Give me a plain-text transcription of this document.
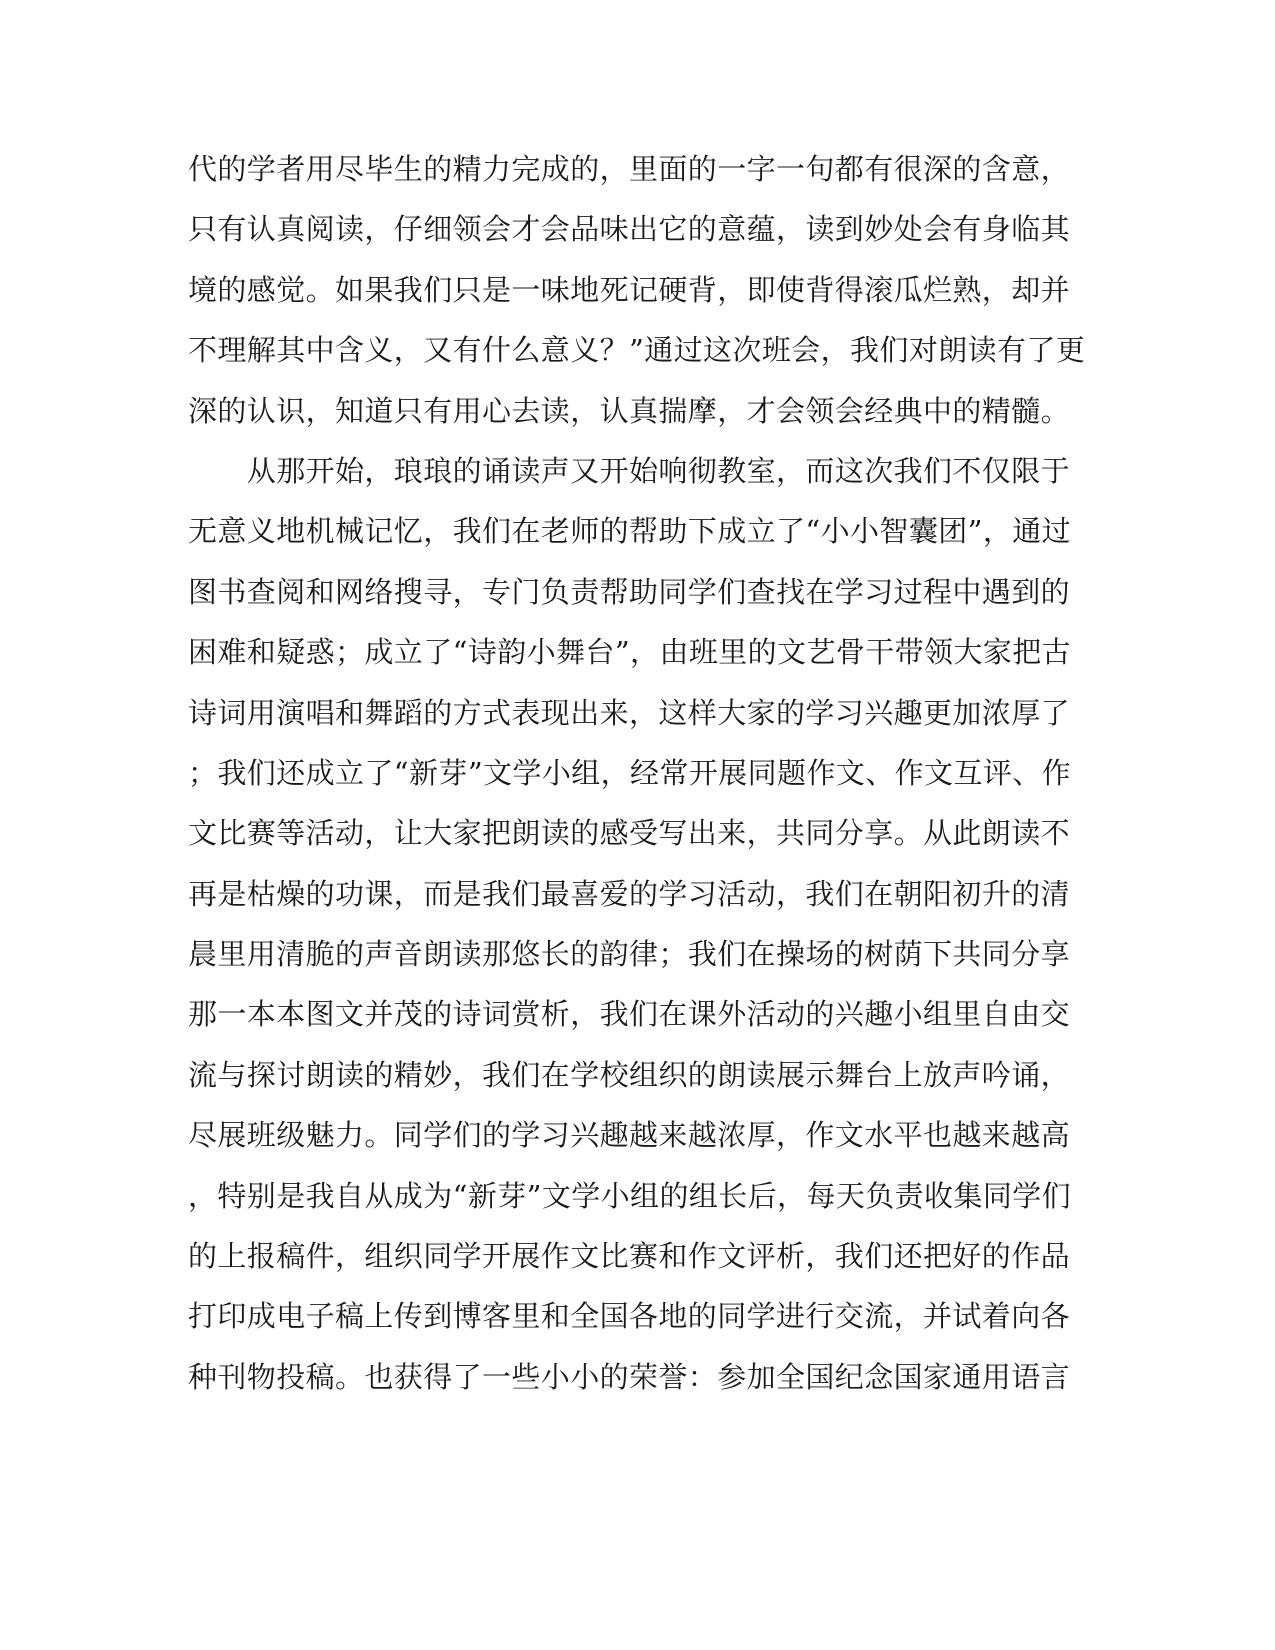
代的学者用尽毕生的精力完成的，里面的一字一句都有很深的含意，
只有认真阅读，仔细领会才会品味出它的意蕴，读到妙处会有身临其
境的感觉。如果我们只是一味地死记硬背，即使背得滚瓜烂熟，却并
不理解其中含义，又有什么意义？”通过这次班会，我们对朗读有了更
深的认识，知道只有用心去读，认真揣摩，才会领会经典中的精髓。
　　从那开始，琅琅的诵读声又开始响彻教室，而这次我们不仅限于
无意义地机械记忆，我们在老师的帮助下成立了“小小智囊团”，通过
图书查阅和网络搜寻，专门负责帮助同学们查找在学习过程中遇到的
困难和疑惑；成立了“诗韵小舞台”，由班里的文艺骨干带领大家把古
诗词用演唱和舞蹈的方式表现出来，这样大家的学习兴趣更加浓厚了
；我们还成立了“新芽”文学小组，经常开展同题作文、作文互评、作
文比赛等活动，让大家把朗读的感受写出来，共同分享。从此朗读不
再是枯燥的功课，而是我们最喜爱的学习活动，我们在朝阳初升的清
晨里用清脆的声音朗读那悠长的韵律；我们在操场的树荫下共同分享
那一本本图文并茂的诗词赏析，我们在课外活动的兴趣小组里自由交
流与探讨朗读的精妙，我们在学校组织的朗读展示舞台上放声吟诵，
尽展班级魅力。同学们的学习兴趣越来越浓厚，作文水平也越来越高
，特别是我自从成为“新芽”文学小组的组长后，每天负责收集同学们
的上报稿件，组织同学开展作文比赛和作文评析，我们还把好的作品
打印成电子稿上传到博客里和全国各地的同学进行交流，并试着向各
种刊物投稿。也获得了一些小小的荣誉：参加全国纪念国家通用语言
